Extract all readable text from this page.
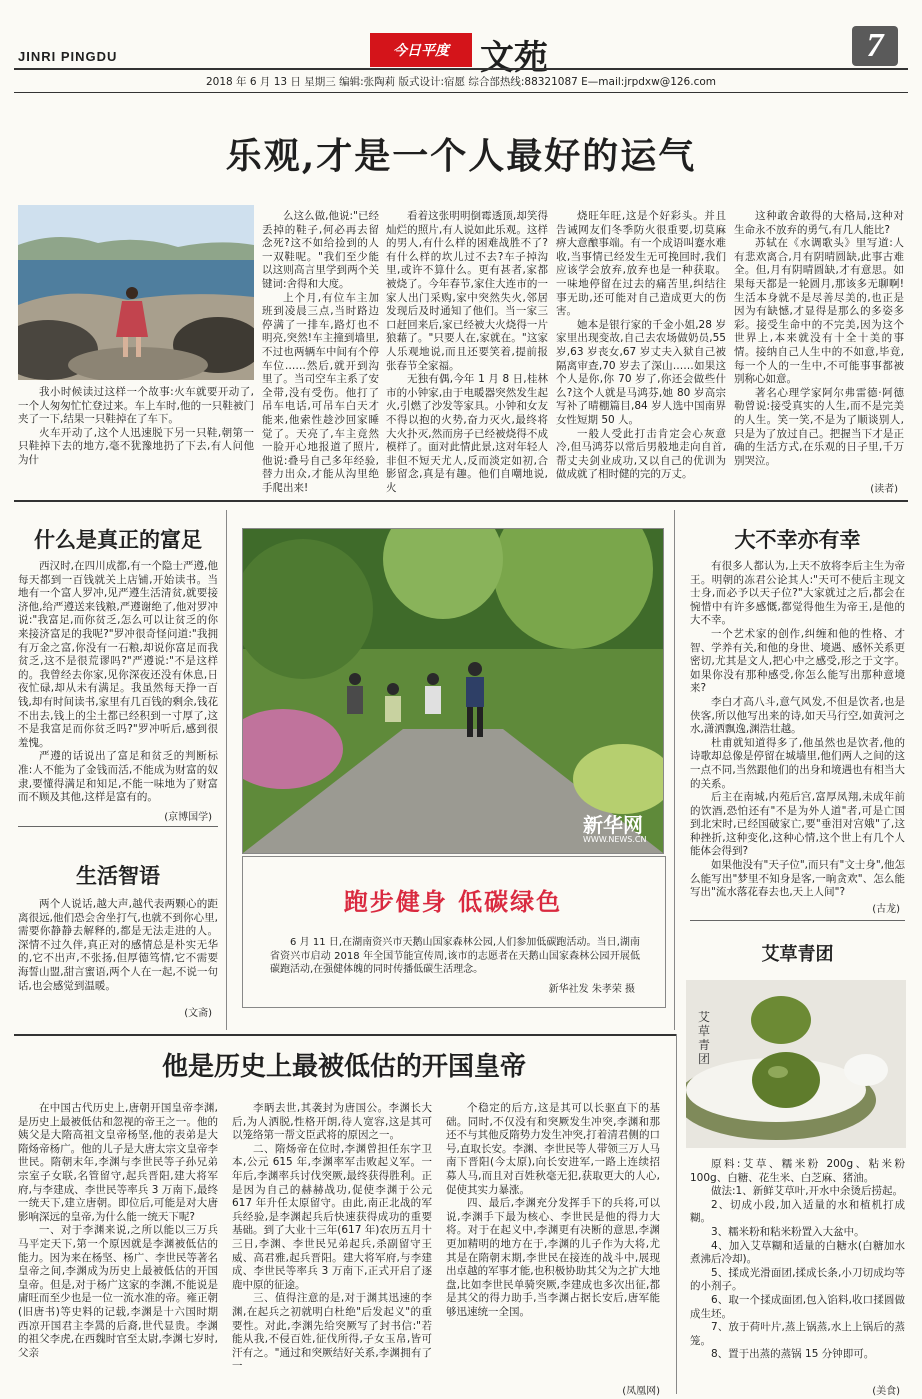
JINRI PINGDU	今日平度 文苑	7
2018 年 6 月 13 日 星期三 编辑:张陶莉 版式设计:宿愿 综合部热线:88321087 E—mail:jrpdxw@126.com
乐观,才是一个人最好的运气

我小时候读过这样一个故事:火车就要开动了,一个人匆匆忙忙登过来。车上车时,他的一只鞋被门夹了一下,结果一只鞋掉在了车下。

火车开动了,这个人迅速脱下另一只鞋,朝第一只鞋掉下去的地方,毫不犹豫地扔了下去,有人问他为什

么这么做,他说:"已经丢掉的鞋子,何必再去留念死?这不如给捡到的人一双鞋呢。"我们至少能以这则高言里学到两个关键词:舍得和大度。

上个月,有位车主加班到凌晨三点,当时路边停满了一排车,路灯也不明亮,突然!车主撞到墙里,不过也两辆车中间有个停车位……然后,就开到沟里了。当司空车主系了安全带,没有受伤。他打了吊车电话,可吊车白天才能来,他索性趁沙回家睡觉了。天亮了,车主竟然一脸开心地报道了照片,他说:叠号自己多年经验,替力出众,才能从沟里绝手爬出来!

看着这张明明倒霉透顶,却笑得灿烂的照片,有人说如此乐观。这样的男人,有什么样的困难战胜不了?有什么样的坎儿过不去?车子掉沟里,或许不算什么。更有甚者,家都被烧了。今年春节,家住大连市的一家人出门采购,家中突然失火,邻居发现后及时通知了他们。当一家三口赶回来后,家已经被大火烧得一片狼藉了。"只要人在,家就在。"这家人乐观地说,而且还要笑着,提前报张春节全家福。

无独有偶,今年 1 月 8 日,桂林市的小钟家,由于电暖器突然发生起火,引燃了沙发等家具。小钟和女友不得以抱的火势,奋力灭火,最终将大火扑灭,然而房子已经被烧得不成模样了。面对此情此景,这对年轻人非但不短天尤人,反而淡定如初,合影留念,真是有趣。他们自嘲地说,火

烧旺年旺,这是个好彩头。并且告诫网友们冬季防火很重要,切莫麻痹大意酿事端。有一个成语叫蹇水难收,当事情已经发生无可挽回时,我们应该学会放弃,放弃也是一种获取。一味地停留在过去的痛苦里,纠结往事无助,还可能对自己造成更大的伤害。

她本是银行家的千金小姐,28 岁家里出现变故,自己去农场做奶员,55 岁,63 岁丧女,67 岁丈夫入狱自己被隔离审查,70 岁去了深山……如果这个人是你,你 70 岁了,你还会做些什么?这个人就是马鸿芬,她 80 岁高宗写补了晴棚篇目,84 岁人选中国南界女性短期 50 人。

一般人受此打击肯定会心灰意冷,但马鸿芬以常后男般地走向自首,帮丈夫剑业成功,又以自己的优训为做成就了相时健的完的万丈。

这种敢舍敢得的大格局,这种对生命永不放弃的勇气,有几人能比?

苏轼在《水调歌头》里写道:人有悲欢离合,月有阴晴圆缺,此事古难全。但,月有阴晴圆缺,才有意思。如果每天都是一轮圆月,那该多无聊啊!生活本身就不是尽善尽美的,也正是因为有缺憾,才显得是那么的多姿多彩。接受生命中的不完美,因为这个世界上,本来就没有十全十美的事情。接纳自己人生中的不如意,毕竟,每一个人的一生中,不可能事事都被别称心如意。

著名心理学家阿尔弗雷德·阿德勒曾说:接受真实的人生,而不是完美的人生。笑一笑,不是为了顺谈别人,只是为了放过自己。把握当下才是正确的生活方式,在乐观的日子里,千万别哭泣。

(读者)
什么是真正的富足

西汉时,在四川成都,有一个隐士严遵,他每天都到一百钱就关上店铺,开始读书。当地有一个富人罗冲,见严遵生活清贫,就要接济他,给严遵送来钱粮,严遵谢绝了,他对罗冲说:"我富足,而你贫乏,怎么可以让贫乏的你来接济富足的我呢?"罗冲很奇怪问道:"我拥有万金之富,你没有一石粮,却说你富足而我贫乏,这不是很荒谬吗?"严遵说:"不是这样的。我曾经去你家,见你深夜还没有休息,日夜忙碌,却从未有满足。我虽然每天挣一百钱,却有时间读书,家里有几百钱的剩余,钱花不出去,钱上的尘土都已经积到一寸厚了,这不是我富足而你贫乏吗?"罗冲听后,感到很羞愧。

严遵的话说出了富足和贫乏的判断标准:人不能为了金钱而活,不能成为财富的奴隶,要懂得满足和知足,不能一味地为了财富而不顾及其他,这样是富有的。

(京博国学)
生活智语

两个人说话,越大声,越代表两颗心的距离很远,他们恐会舍坐打气,也就不到你心里,需要你静静去解释的,都是无法走进的人。深情不过久伴,真正对的感情总是朴实无华的,它不出声,不张扬,但厚德笃情,它不需要海誓山盟,甜言蜜语,两个人在一起,不说一句话,也会感觉到温暖。

(文斋)
新华网
WWW.NEWS.CN
跑步健身 低碳绿色

6 月 11 日,在湖南资兴市天鹅山国家森林公园,人们参加低碳跑活动。当日,湖南省资兴市启动 2018 年全国节能宣传周,该市的志愿者在天鹅山国家森林公园开展低碳跑活动,在强健体魄的同时传播低碳生活理念。

新华社发 朱孝荣 摄
大不幸亦有幸

有很多人都认为,上天不放将李后主生为帝王。明朝的冻君公论其人:"天可不使后主现文士身,而必予以天子位?"大家就过之后,都会在惋惜中有许多感慨,都觉得他生为帝王,是他的大不幸。

一个艺术家的创作,纠缠和他的性格、才智、学养有关,和他的身世、境遇、感怀关系更密切,尤其是文人,把心中之感受,形之于文字。如果你没有那种感受,你怎么能写出那种意境来?

李白才高八斗,意气风发,不但是饮者,也是侠客,所以他写出来的诗,如天马行空,如黄河之水,潇洒飘逸,渊浩壮越。

杜甫就知道得多了,他虽然也是饮者,他的诗歌却总像是停留在城墙里,他们两人之间的这一点不同,当然跟他们的出身和境遇也有相当大的关系。

后主在南城,内苑后宫,富厚凤翔,未成年前的饮酒,恐怕还有"不是为外人道"者,可是亡国到北宋时,已经国破家亡,要"垂泪对宫娥"了,这种挫折,这种变化,这种心情,这个世上有几个人能体会得到?

如果他没有"天子位",而只有"文士身",他怎么能写出"梦里不知身是客,一晌贪欢"、怎么能写出"流水落花春去也,天上人间"?

(古龙)
艾草青团
艾草青团

原料:艾草、糯米粉 200g、粘米粉 100g、白糖、花生米、白芝麻、猪油。

做法:1、新鲜艾草叶,开水中余烫后捞起。

2、切成小段,加入适量的水和植机打成糊。

3、糯米粉和粘米粉置入大盆中。

4、加入艾草糊和适量的白糖水(白糖加水煮沸后冷却)。

5、揉成光滑面团,揉成长条,小刀切成均等的小剂子。

6、取一个揉成面团,包入馅料,收口揉圆做成生坯。

7、放于荷叶片,蒸上锅蒸,水上上锅后的蒸笼。

8、置于出蒸的蒸锅 15 分钟即可。

(美食)
他是历史上最被低估的开国皇帝

在中国古代历史上,唐朝开国皇帝李渊,是历史上最被低估和忽视的帝王之一。他的姨父是大隋高祖文皇帝杨坚,他的表弟是大隋炀帝杨广。他的儿子是大唐太宗文皇帝李世民。隋朝末年,李渊与李世民等子孙兄弟宗室子女联,名管留守,起兵晋阳,建大将军府,与李建成、李世民等率兵 3 万南下,最终一统天下,建立唐朝。即位后,可能是对大唐影响深远的皇帝,为什么能一统天下呢?

一、对于李渊来说,之所以能以三万兵马平定天下,第一个原因就是李渊被低估的能力。因为来在杨坚、杨广、李世民等著名皇帝之间,李渊成为历史上最被低估的开国皇帝。但是,对于杨广这家的李渊,不能说是庸旺而至少也是一位一流水准的帝。雍正朝(旧唐书)等史料的记载,李渊是十六国时期西凉开国君主李暠的后裔,世代显贵。李渊的祖父李虎,在西魏时官至太尉,李渊七岁时,父亲

李昞去世,其袭封为唐国公。李渊长大后,为人洒脱,性格开朗,待人宽容,这是其可以笼络第一帮文臣武将的原因之一。

二、隋炀帝在位时,李渊曾担任东字卫本,公元 615 年,李渊率军击败起义军。一年后,李渊率兵讨伐突厥,最终获得胜利。正是因为自己的赫赫战功,促使李渊于公元 617 年升任太原留守。由此,南正北战的军兵经验,是李渊起兵后快速获得成功的重要基础。到了大业十三年(617 年)农历五月十三日,李渊、李世民兄弟起兵,杀副留守王威、高君雅,起兵晋阳。建大将军府,与李建成、李世民等率兵 3 万南下,正式开启了逐鹿中原的征途。

三、值得注意的是,对于渊其迅速的李渊,在起兵之初就明白杜绝"后发起义"的重要性。对此,李渊先给突厥写了封书信:"若能从我,不侵百姓,征伐所得,子女玉帛,皆可汗有之。"通过和突厥结好关系,李渊拥有了一

个稳定的后方,这是其可以长驱直下的基础。同时,不仅没有和突厥发生冲突,李渊和那还不与其他反隋势力发生冲突,打着清君侧的口号,直取长安。李渊、李世民等人带领三万人马南下晋阳(今太原),向长安进军,一路上连续招募人马,而且对百姓秋毫无犯,获取更大的人心,促使其实力暴涨。

四、最后,李渊充分发挥手下的兵将,可以说,李渊手下最为核心、李世民是他的得力大将。对于在起义中,李渊更有决断的意思,李渊更加精明的地方在于,李渊的儿子作为大将,尤其是在隋朝末期,李世民在接连的战斗中,展现出卓越的军事才能,也积极协助其父为之扩大地盘,比如李世民单骑突厥,李建成也多次出征,都是其父的得力助手,当李渊占据长安后,唐军能够迅速统一全国。

(凤凰网)
